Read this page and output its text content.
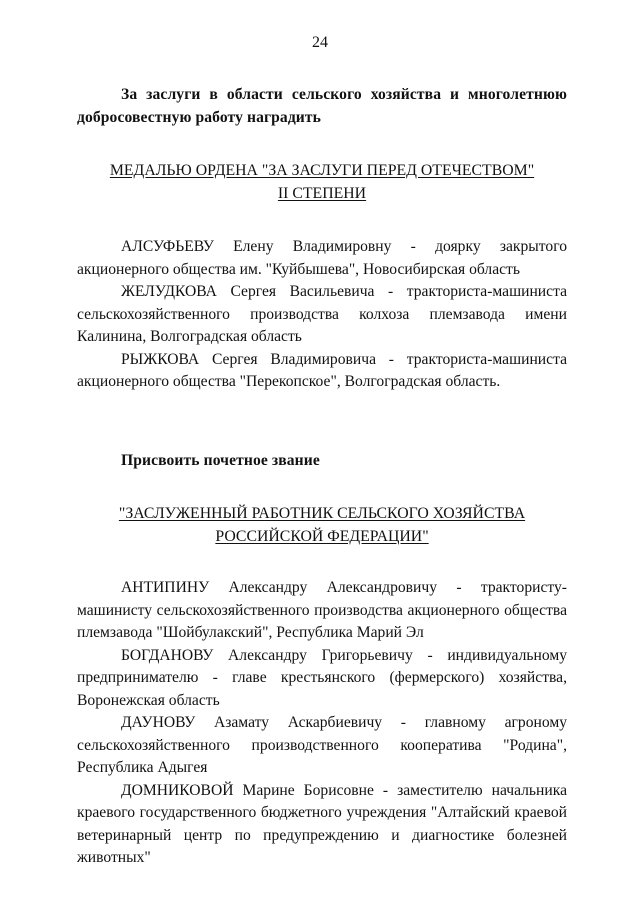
24

За заслуги в области сельского хозяйства и многолетнюю добросовестную работу наградить

МЕДАЛЬЮ ОРДЕНА "ЗА ЗАСЛУГИ ПЕРЕД ОТЕЧЕСТВОМ"
II СТЕПЕНИ

АЛСУФЬЕВУ Елену Владимировну - доярку закрытого акционерного общества им. "Куйбышева", Новосибирская область

ЖЕЛУДКОВА Сергея Васильевича - тракториста-машиниста сельскохозяйственного производства колхоза племзавода имени Калинина, Волгоградская область

РЫЖКОВА Сергея Владимировича - тракториста-машиниста акционерного общества "Перекопское", Волгоградская область.

Присвоить почетное звание

"ЗАСЛУЖЕННЫЙ РАБОТНИК СЕЛЬСКОГО ХОЗЯЙСТВА
РОССИЙСКОЙ ФЕДЕРАЦИИ"

АНТИПИНУ Александру Александровичу - трактористу-машинисту сельскохозяйственного производства акционерного общества племзавода "Шойбулакский", Республика Марий Эл

БОГДАНОВУ Александру Григорьевичу - индивидуальному предпринимателю - главе крестьянского (фермерского) хозяйства, Воронежская область

ДАУНОВУ Азамату Аскарбиевичу - главному агроному сельскохозяйственного производственного кооператива "Родина", Республика Адыгея

ДОМНИКОВОЙ Марине Борисовне - заместителю начальника краевого государственного бюджетного учреждения "Алтайский краевой ветеринарный центр по предупреждению и диагностике болезней животных"
